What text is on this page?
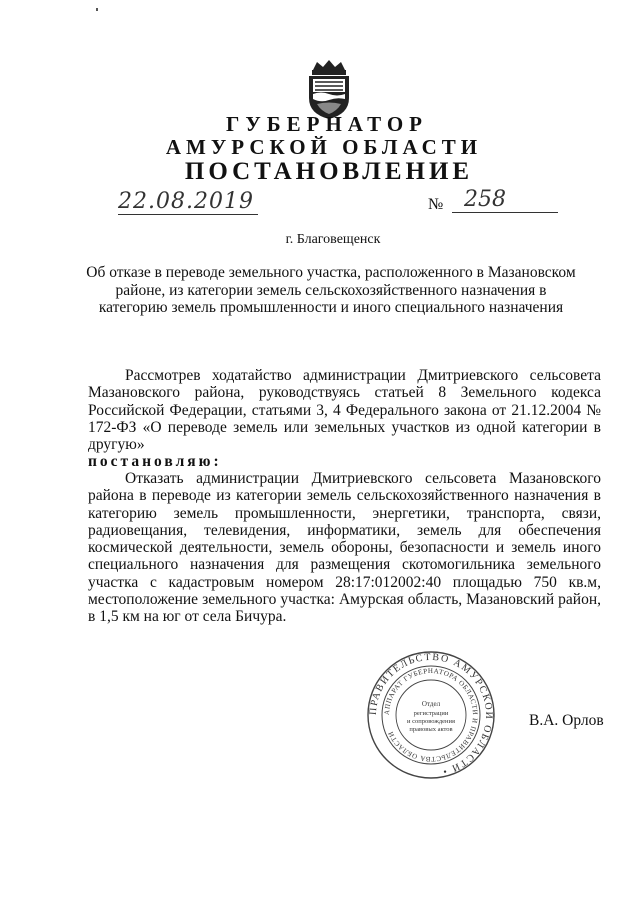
ГУБЕРНАТОР
АМУРСКОЙ ОБЛАСТИ
ПОСТАНОВЛЕНИЕ
22.08.2019	№ 258
г. Благовещенск
Об отказе в переводе земельного участка, расположенного в Мазановском районе, из категории земель сельскохозяйственного назначения в категорию земель промышленности и иного специального назначения
Рассмотрев ходатайство администрации Дмитриевского сельсовета Мазановского района, руководствуясь статьей 8 Земельного кодекса Российской Федерации, статьями 3, 4 Федерального закона от 21.12.2004 № 172-ФЗ «О переводе земель или земельных участков из одной категории в другую»
постановляю:
Отказать администрации Дмитриевского сельсовета Мазановского района в переводе из категории земель сельскохозяйственного назначения в категорию земель промышленности, энергетики, транспорта, связи, радиовещания, телевидения, информатики, земель для обеспечения космической деятельности, земель обороны, безопасности и земель иного специального назначения для размещения скотомогильника земельного участка с кадастровым номером 28:17:012002:40 площадью 750 кв.м, местоположение земельного участка: Амурская область, Мазановский район, в 1,5 км на юг от села Бичура.
ПРАВИТЕЛЬСТВО АМУРСКОЙ ОБЛАСТИ •
АППАРАТ ГУБЕРНАТОРА ОБЛАСТИ И ПРАВИТЕЛЬСТВА ОБЛАСТИ
Отдел
регистрации
и сопровождения
правовых актов
В.А. Орлов
